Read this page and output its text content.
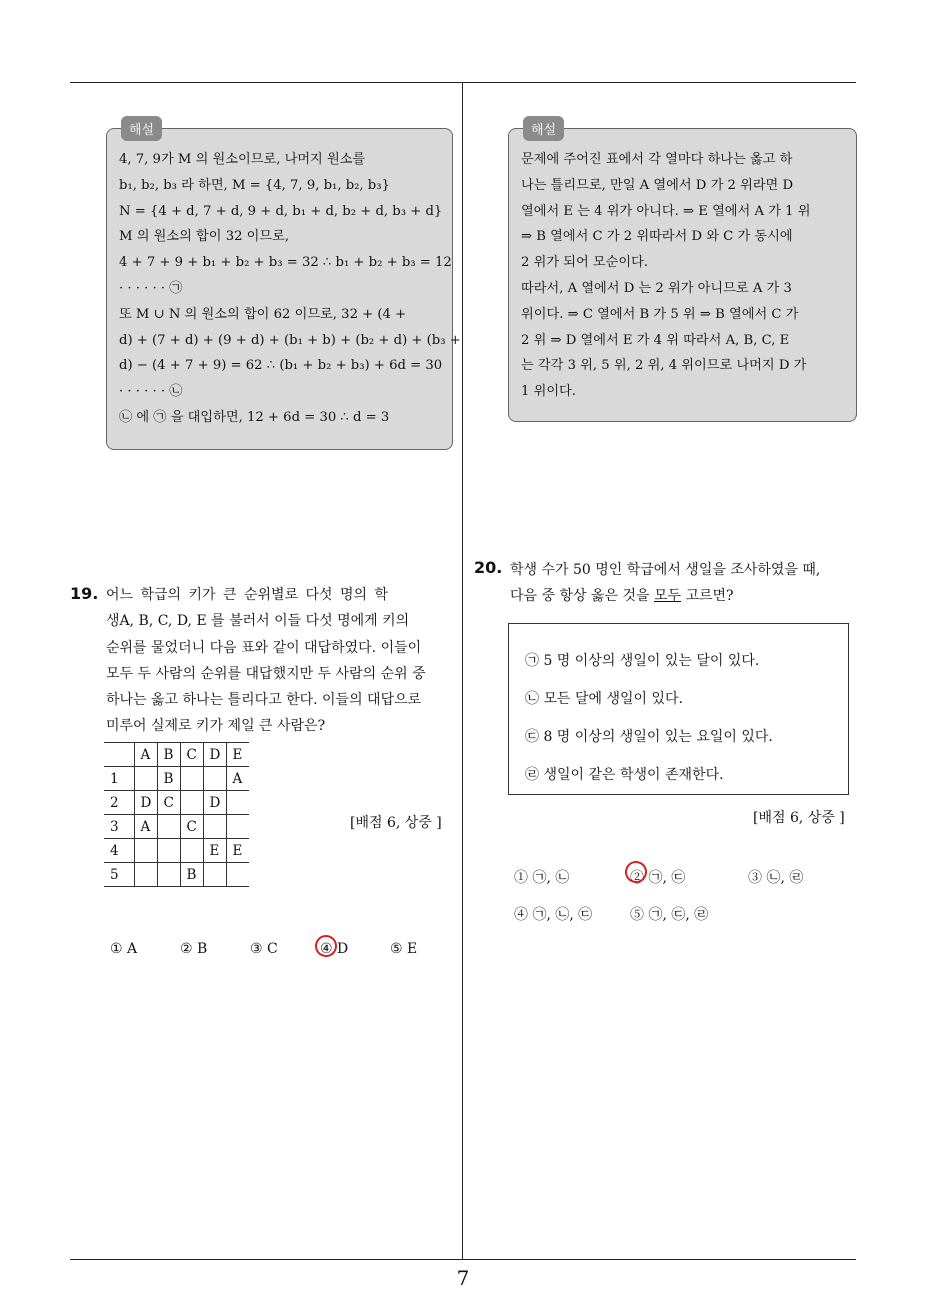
해설
4, 7, 9가 M 의 원소이므로, 나머지 원소를
b₁, b₂, b₃ 라 하면, M = {4, 7, 9, b₁, b₂, b₃}
N = {4 + d, 7 + d, 9 + d, b₁ + d, b₂ + d, b₃ + d}
M 의 원소의 합이 32 이므로,
4 + 7 + 9 + b₁ + b₂ + b₃ = 32 ∴ b₁ + b₂ + b₃ = 12
· · · · · · ㉠
또 M ∪ N 의 원소의 합이 62 이므로, 32 + (4 +
d) + (7 + d) + (9 + d) + (b₁ + b) + (b₂ + d) + (b₃ +
d) − (4 + 7 + 9) = 62 ∴ (b₁ + b₂ + b₃) + 6d = 30
· · · · · · ㉡
㉡ 에 ㉠ 을 대입하면, 12 + 6d = 30 ∴ d = 3
해설
문제에 주어진 표에서 각 열마다 하나는 옳고 하
나는 틀리므로, 만일 A 열에서 D 가 2 위라면 D
열에서 E 는 4 위가 아니다. ⇒ E 열에서 A 가 1 위
⇒ B 열에서 C 가 2 위따라서 D 와 C 가 동시에
2 위가 되어 모순이다.
따라서, A 열에서 D 는 2 위가 아니므로 A 가 3
위이다. ⇒ C 열에서 B 가 5 위 ⇒ B 열에서 C 가
2 위 ⇒ D 열에서 E 가 4 위 따라서 A, B, C, E
는 각각 3 위, 5 위, 2 위, 4 위이므로 나머지 D 가
1 위이다.
19. 어느 학급의 키가 큰 순위별로 다섯 명의 학
생A, B, C, D, E 를 불러서 이들 다섯 명에게 키의
순위를 물었더니 다음 표와 같이 대답하였다. 이들이
모두 두 사람의 순위를 대답했지만 두 사람의 순위 중
하나는 옳고 하나는 틀리다고 한다. 이들의 대답으로
미루어 실제로 키가 제일 큰 사람은?
	A	B	C	D	E
1		B			A
2	D	C		D	
3	A		C		
4				E	E
5			B		
[배점 6, 상중 ]
① A	② B	③ C	④ D	⑤ E
20. 학생 수가 50 명인 학급에서 생일을 조사하였을 때,
다음 중 항상 옳은 것을 모두 고르면?
㉠ 5 명 이상의 생일이 있는 달이 있다.
㉡ 모든 달에 생일이 있다.
㉢ 8 명 이상의 생일이 있는 요일이 있다.
㉣ 생일이 같은 학생이 존재한다.
[배점 6, 상중 ]
① ㉠, ㉡	② ㉠, ㉢	③ ㉡, ㉣
④ ㉠, ㉡, ㉢	⑤ ㉠, ㉢, ㉣
7
